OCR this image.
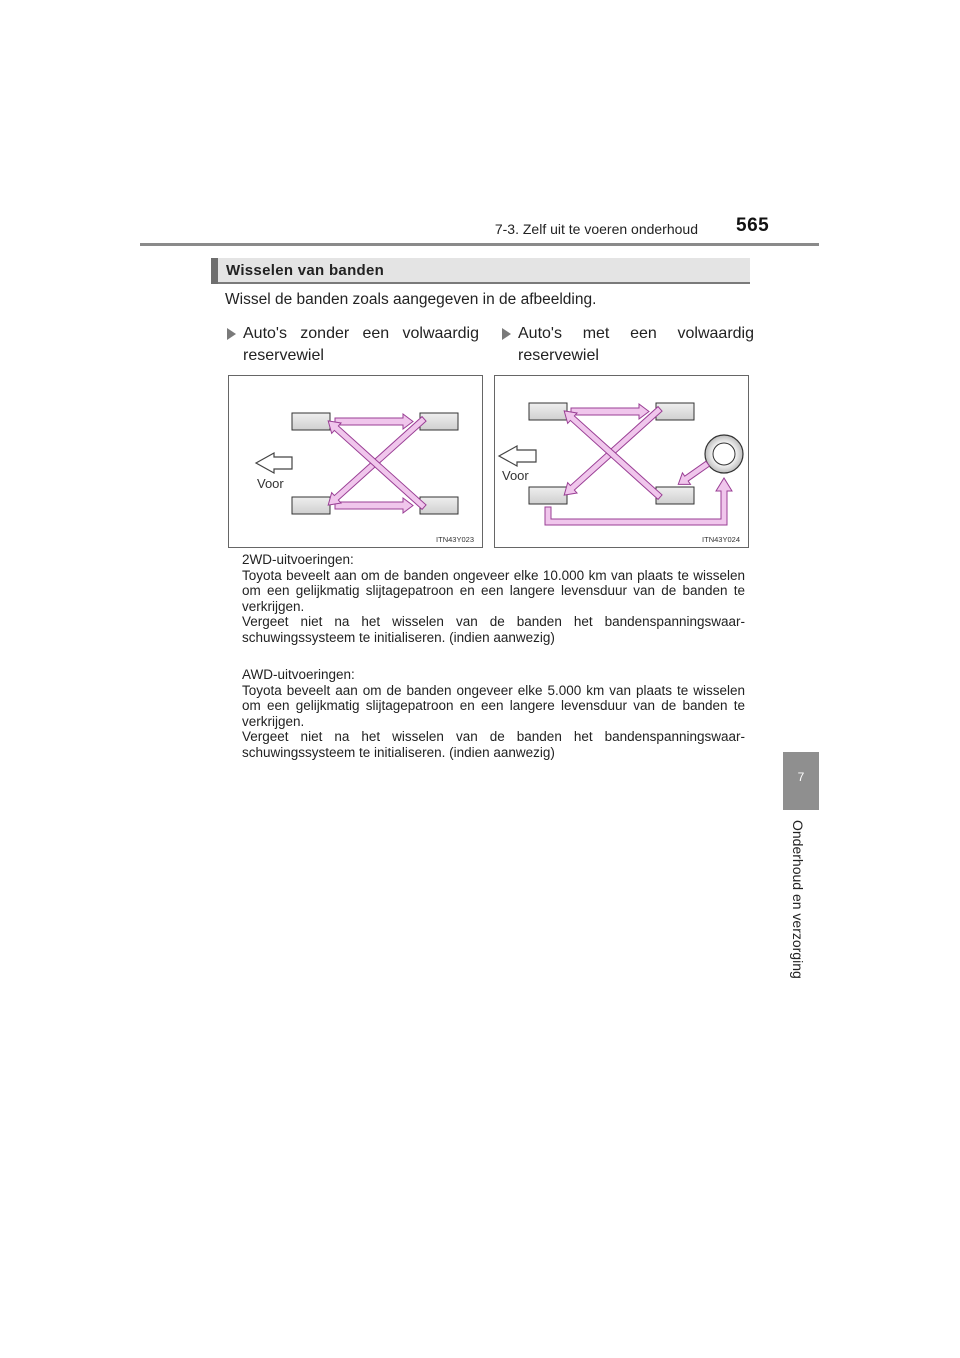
7-3. Zelf uit te voeren onderhoud 565
7
Onderhoud en verzorging
Wisselen van banden
Wissel de banden zoals aangegeven in de afbeelding.
Auto's zonder een volwaardig
reservewiel
Auto's met een volwaardig
reservewiel
Voor
ITN43Y023
Voor
ITN43Y024

2WD-uitvoeringen:

Toyota beveelt aan om de banden ongeveer elke 10.000 km van plaats te wisselen om een gelijkmatig slijtagepatroon en een langere levensduur van de banden te verkrijgen.

Vergeet niet na het wisselen van de banden het bandenspanningswaar-schuwingssysteem te initialiseren. (indien aanwezig)

AWD-uitvoeringen:

Toyota beveelt aan om de banden ongeveer elke 5.000 km van plaats te wisselen om een gelijkmatig slijtagepatroon en een langere levensduur van de banden te verkrijgen.

Vergeet niet na het wisselen van de banden het bandenspanningswaar-schuwingssysteem te initialiseren. (indien aanwezig)
